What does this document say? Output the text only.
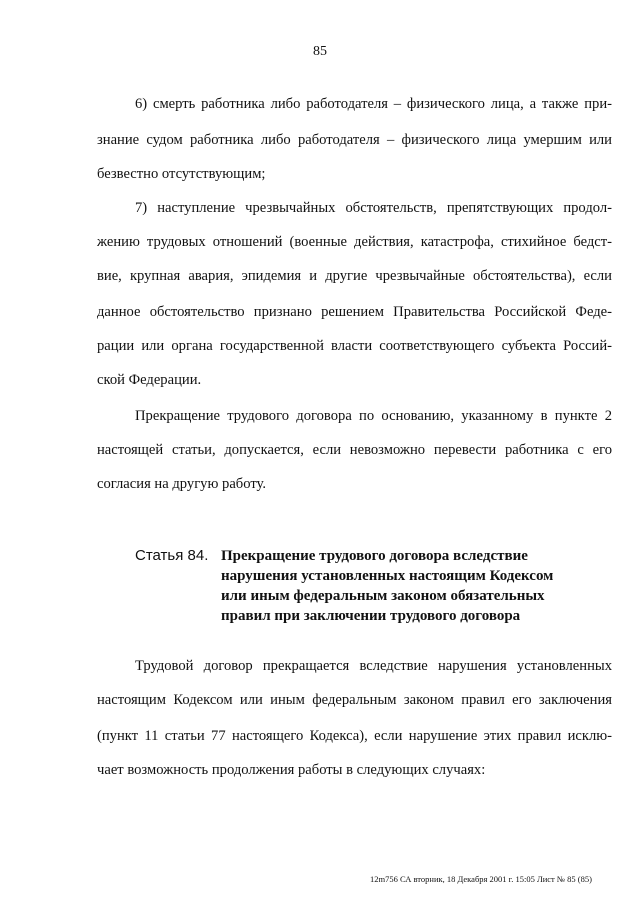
85
6) смерть работника либо работодателя – физического лица, а также при-
знание судом работника либо работодателя – физического лица умершим или
безвестно отсутствующим;
7) наступление чрезвычайных обстоятельств, препятствующих продол-
жению трудовых отношений (военные действия, катастрофа, стихийное бедст-
вие, крупная авария, эпидемия и другие чрезвычайные обстоятельства), если
данное обстоятельство признано решением Правительства Российской Феде-
рации или органа государственной власти соответствующего субъекта Россий-
ской Федерации.
Прекращение трудового договора по основанию, указанному в пункте 2
настоящей статьи, допускается, если невозможно перевести работника с его
согласия на другую работу.
Статья 84. Прекращение трудового договора вследствие
нарушения установленных настоящим Кодексом
или иным федеральным законом обязательных
правил при заключении трудового договора
Трудовой договор прекращается вследствие нарушения установленных
настоящим Кодексом или иным федеральным законом правил его заключения
(пункт 11 статьи 77 настоящего Кодекса), если нарушение этих правил исклю-
чает возможность продолжения работы в следующих случаях:
12m756 СА вторник, 18 Декабря 2001 г. 15:05 Лист № 85 (85)
